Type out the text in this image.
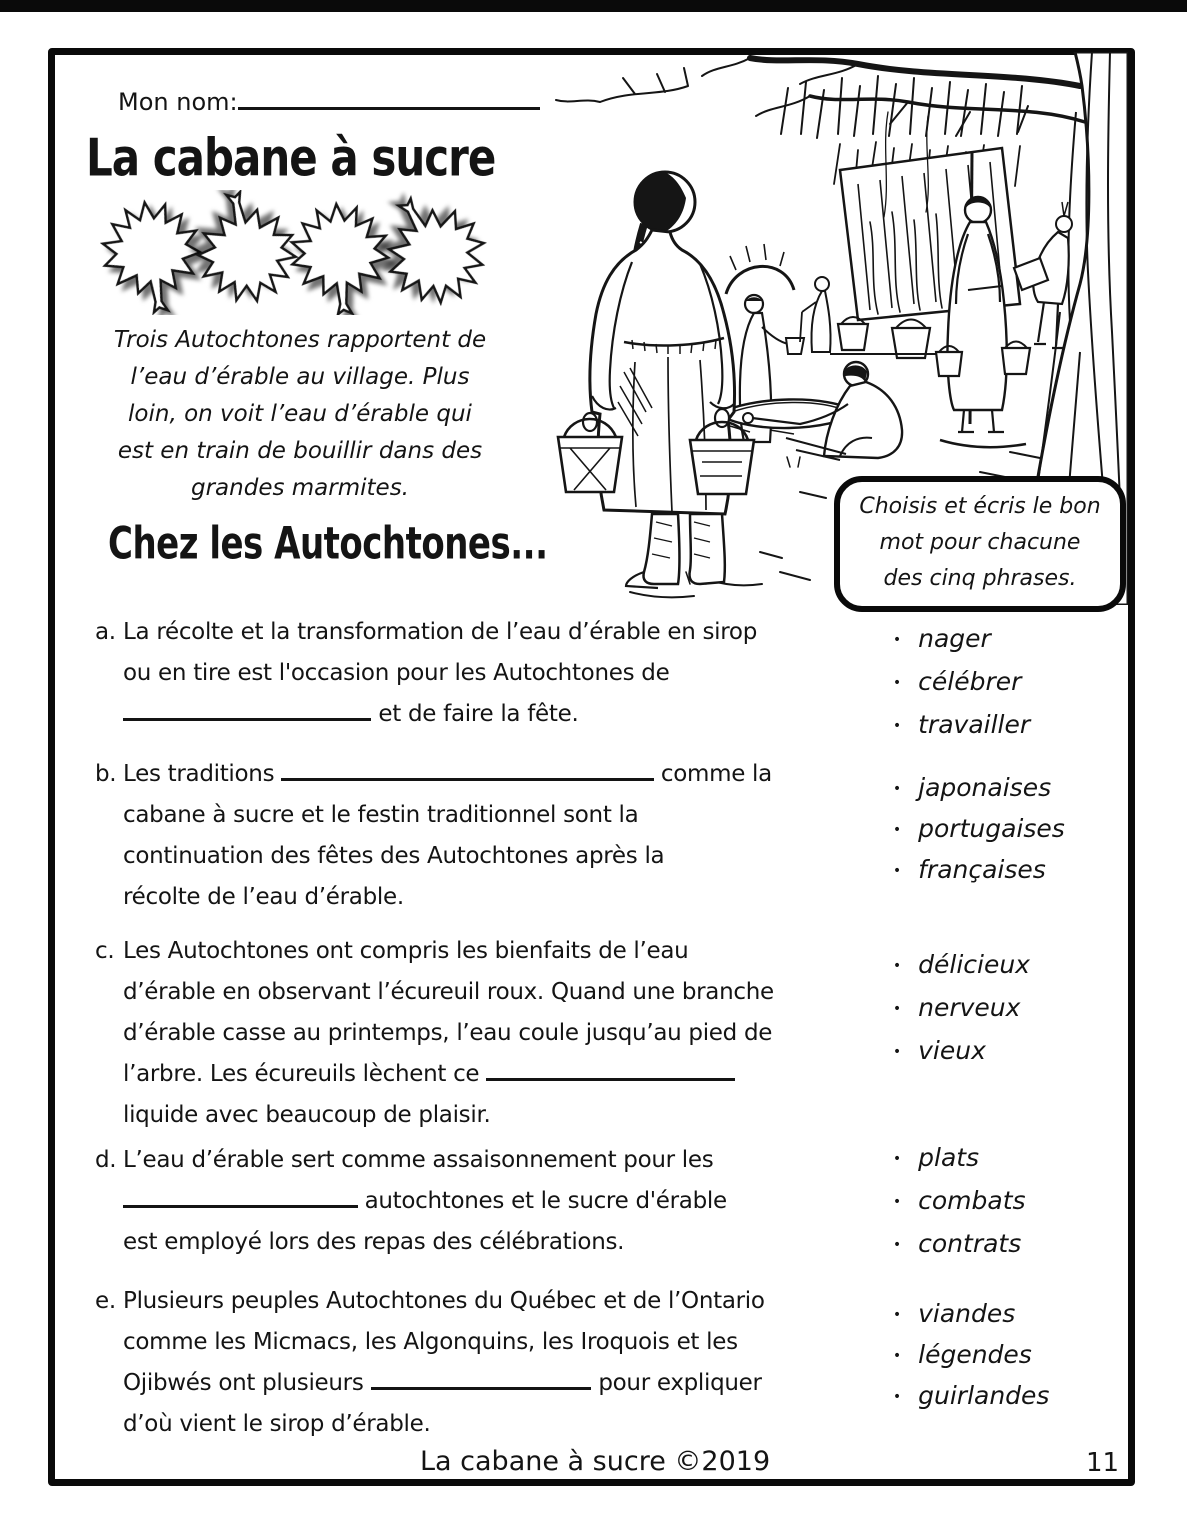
Mon nom:
La cabane à sucre
Trois Autochtones rapportent de
l’eau d’érable au village. Plus
loin, on voit l’eau d’érable qui
est en train de bouillir dans des
grandes marmites.
Chez les Autochtones...
Choisis et écris le bon
mot pour chacune
des cinq phrases.
a. La récolte et la transformation de l’eau d’érable en sirop
ou en tire est l'occasion pour les Autochtones de
et de faire la fête.
b. Les traditions	comme la
cabane à sucre et le festin traditionnel sont la
continuation des fêtes des Autochtones après la
récolte de l’eau d’érable.
c. Les Autochtones ont compris les bienfaits de l’eau
d’érable en observant l’écureuil roux. Quand une branche
d’érable casse au printemps, l’eau coule jusqu’au pied de
l’arbre. Les écureuils lèchent ce
liquide avec beaucoup de plaisir.
d. L’eau d’érable sert comme assaisonnement pour les
autochtones et le sucre d'érable
est employé lors des repas des célébrations.
e. Plusieurs peuples Autochtones du Québec et de l’Ontario
comme les Micmacs, les Algonquins, les Iroquois et les
Ojibwés ont plusieurs	pour expliquer
d’où vient le sirop d’érable.
• nager
• célébrer
• travailler
• japonaises
• portugaises
• françaises
• délicieux
• nerveux
• vieux
• plats
• combats
• contrats
• viandes
• légendes
• guirlandes
La cabane à sucre ©2019	11
